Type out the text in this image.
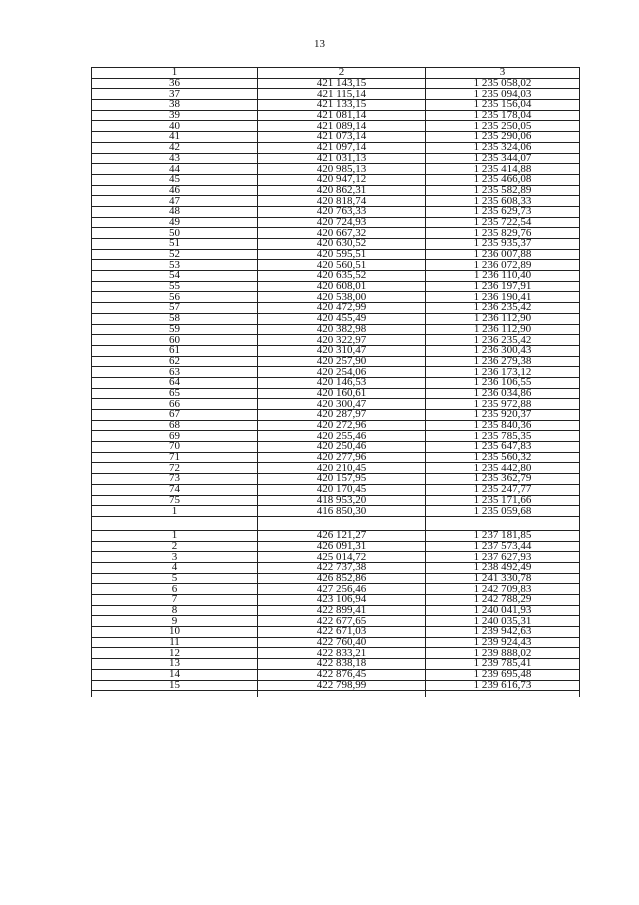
13
1	2	3
36	421 143,15	1 235 058,02
37	421 115,14	1 235 094,03
38	421 133,15	1 235 156,04
39	421 081,14	1 235 178,04
40	421 089,14	1 235 250,05
41	421 073,14	1 235 290,06
42	421 097,14	1 235 324,06
43	421 031,13	1 235 344,07
44	420 985,13	1 235 414,88
45	420 947,12	1 235 466,08
46	420 862,31	1 235 582,89
47	420 818,74	1 235 608,33
48	420 763,33	1 235 629,73
49	420 724,93	1 235 722,54
50	420 667,32	1 235 829,76
51	420 630,52	1 235 935,37
52	420 595,51	1 236 007,88
53	420 560,51	1 236 072,89
54	420 635,52	1 236 110,40
55	420 608,01	1 236 197,91
56	420 538,00	1 236 190,41
57	420 472,99	1 236 235,42
58	420 455,49	1 236 112,90
59	420 382,98	1 236 112,90
60	420 322,97	1 236 235,42
61	420 310,47	1 236 300,43
62	420 257,90	1 236 279,38
63	420 254,06	1 236 173,12
64	420 146,53	1 236 106,55
65	420 160,61	1 236 034,86
66	420 300,47	1 235 972,88
67	420 287,97	1 235 920,37
68	420 272,96	1 235 840,36
69	420 255,46	1 235 785,35
70	420 250,46	1 235 647,83
71	420 277,96	1 235 560,32
72	420 210,45	1 235 442,80
73	420 157,95	1 235 362,79
74	420 170,45	1 235 247,77
75	418 953,20	1 235 171,66
1	416 850,30	1 235 059,68

1	426 121,27	1 237 181,85
2	426 091,31	1 237 573,44
3	425 014,72	1 237 627,93
4	422 737,38	1 238 492,49
5	426 852,86	1 241 330,78
6	427 256,46	1 242 709,83
7	423 106,94	1 242 788,29
8	422 899,41	1 240 041,93
9	422 677,65	1 240 035,31
10	422 671,03	1 239 942,63
11	422 760,40	1 239 924,43
12	422 833,21	1 239 888,02
13	422 838,18	1 239 785,41
14	422 876,45	1 239 695,48
15	422 798,99	1 239 616,73
